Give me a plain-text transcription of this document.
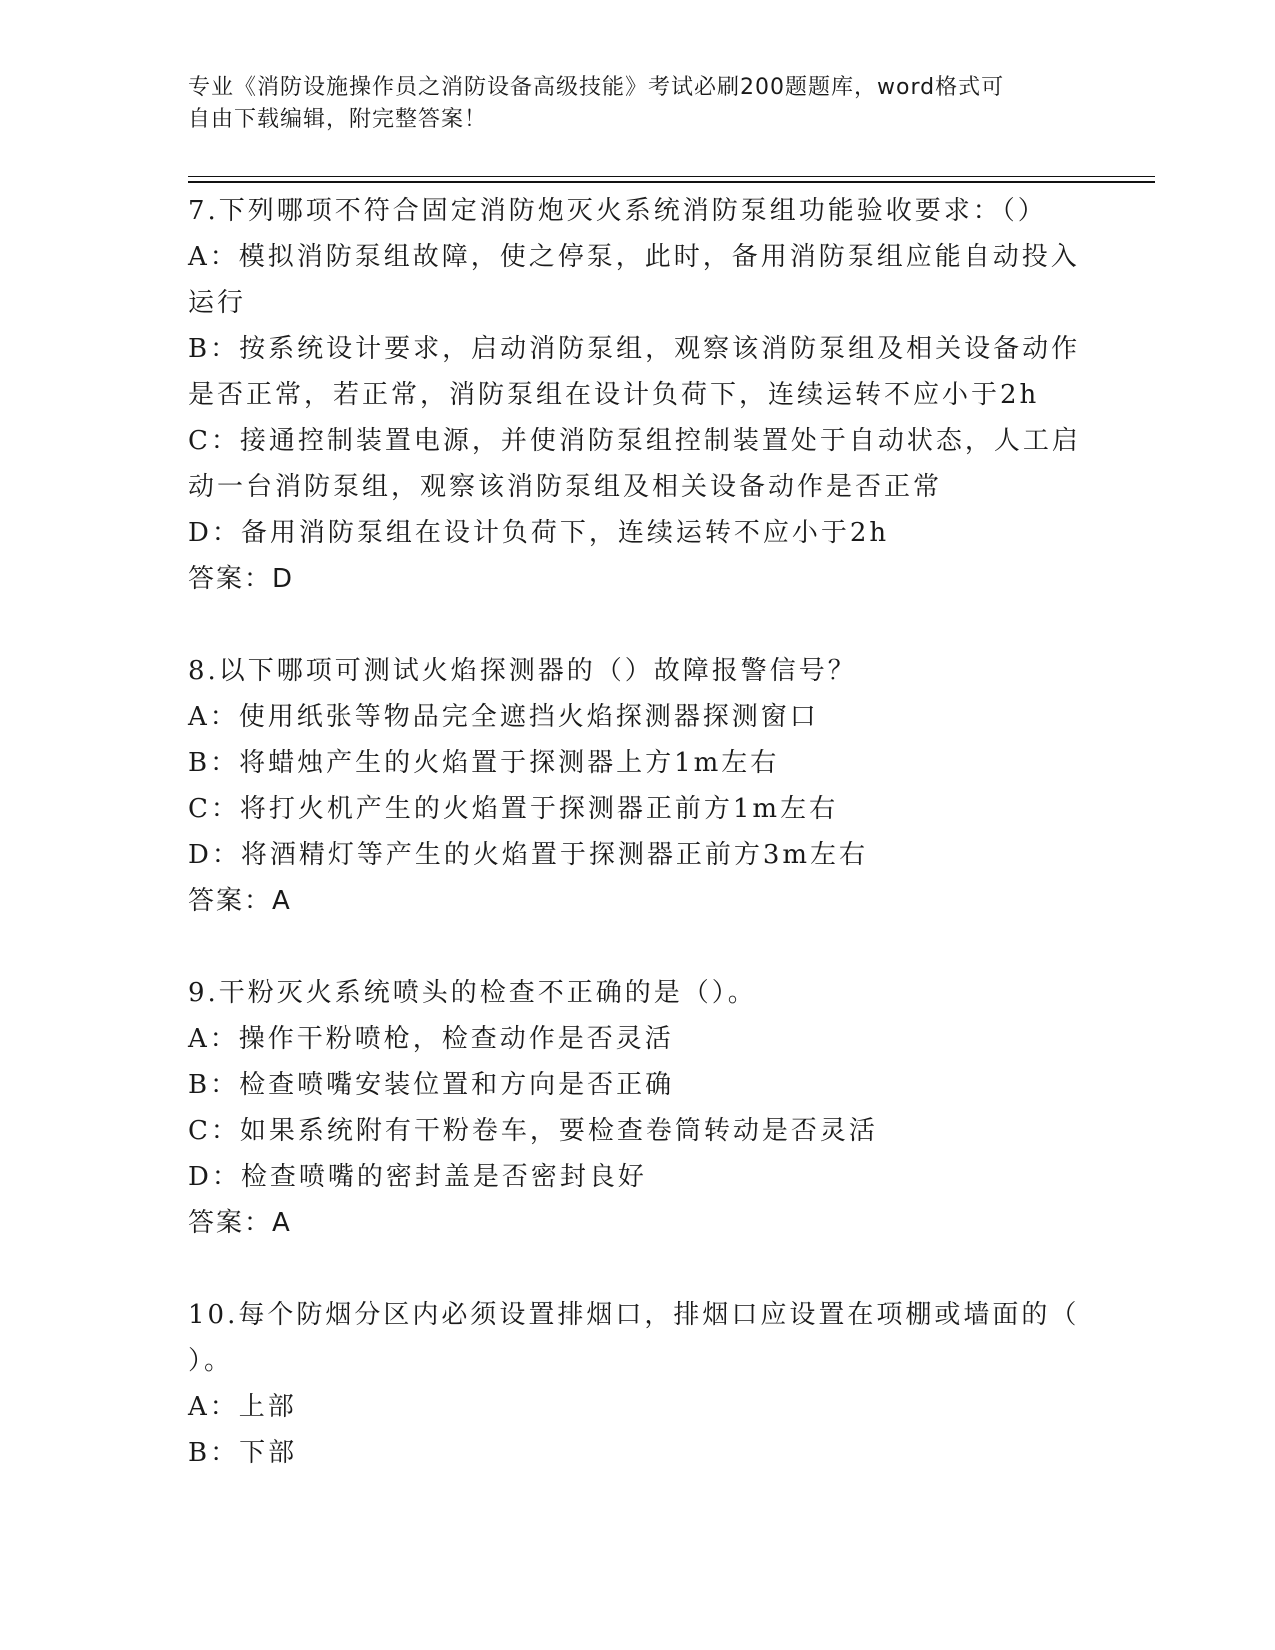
专业《消防设施操作员之消防设备高级技能》考试必刷200题题库，word格式可
自由下载编辑，附完整答案！
7.下列哪项不符合固定消防炮灭火系统消防泵组功能验收要求：（）
A：模拟消防泵组故障，使之停泵，此时，备用消防泵组应能自动投入
运行
B：按系统设计要求，启动消防泵组，观察该消防泵组及相关设备动作
是否正常，若正常，消防泵组在设计负荷下，连续运转不应小于2h
C：接通控制装置电源，并使消防泵组控制装置处于自动状态，人工启
动一台消防泵组，观察该消防泵组及相关设备动作是否正常
D：备用消防泵组在设计负荷下，连续运转不应小于2h
答案：D
8.以下哪项可测试火焰探测器的（）故障报警信号？
A：使用纸张等物品完全遮挡火焰探测器探测窗口
B：将蜡烛产生的火焰置于探测器上方1m左右
C：将打火机产生的火焰置于探测器正前方1m左右
D：将酒精灯等产生的火焰置于探测器正前方3m左右
答案：A
9.干粉灭火系统喷头的检查不正确的是（）。
A：操作干粉喷枪，检查动作是否灵活
B：检查喷嘴安装位置和方向是否正确
C：如果系统附有干粉卷车，要检查卷筒转动是否灵活
D：检查喷嘴的密封盖是否密封良好
答案：A
10.每个防烟分区内必须设置排烟口，排烟口应设置在项棚或墙面的（
）。
A：上部
B：下部
